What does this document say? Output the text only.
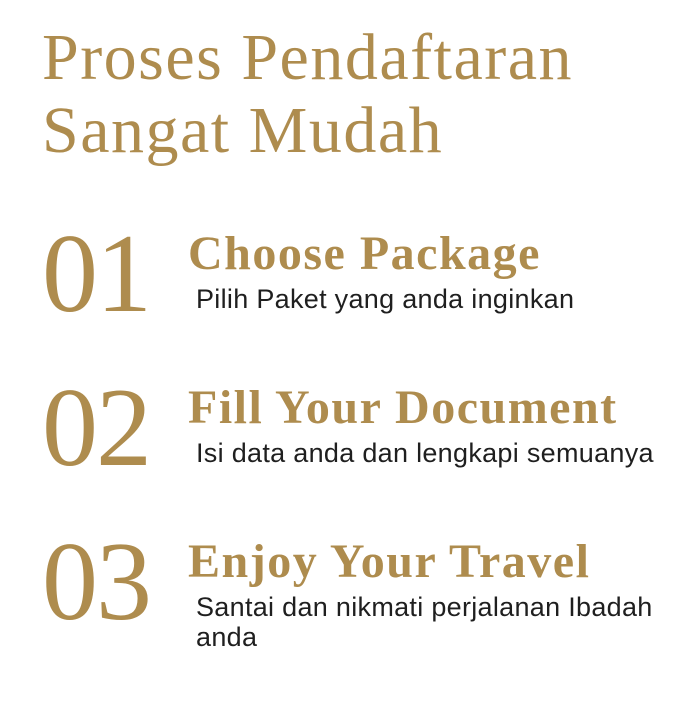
Proses Pendaftaran
Sangat Mudah
01 Choose Package
Pilih Paket yang anda inginkan
02 Fill Your Document
Isi data anda dan lengkapi semuanya
03 Enjoy Your Travel
Santai dan nikmati perjalanan Ibadah anda
